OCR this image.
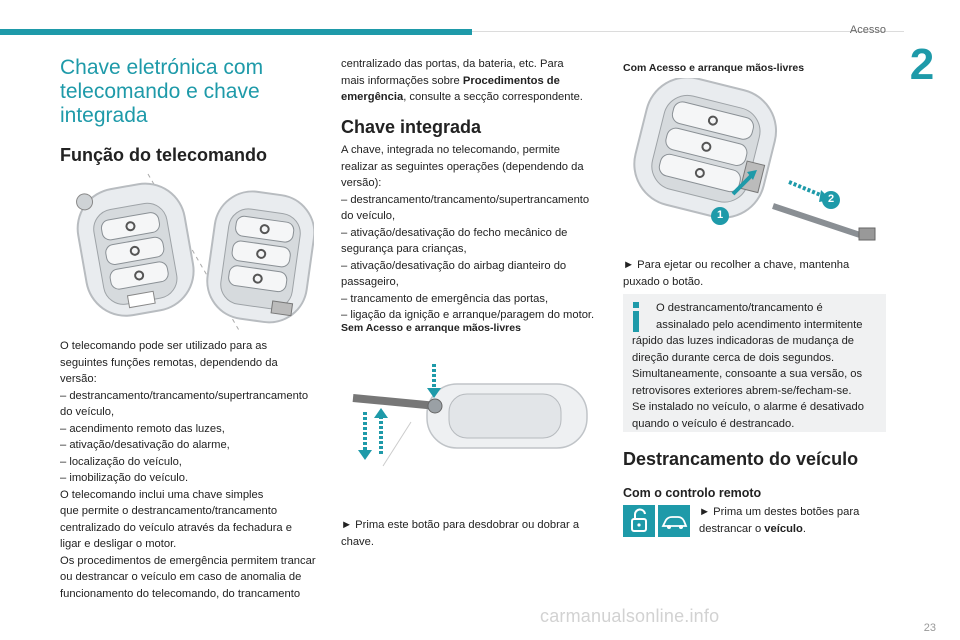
Acesso
2
Chave eletrónica com
telecomando e chave
integrada
Função do telecomando
O telecomando pode ser utilizado para as
seguintes funções remotas, dependendo da
versão:
– destrancamento/trancamento/supertrancamento
do veículo,
– acendimento remoto das luzes,
– ativação/desativação do alarme,
– localização do veículo,
– imobilização do veículo.
O telecomando inclui uma chave simples
que permite o destrancamento/trancamento
centralizado do veículo através da fechadura e
ligar e desligar o motor.
Os procedimentos de emergência permitem trancar
ou destrancar o veículo em caso de anomalia de
funcionamento do telecomando, do trancamento
centralizado das portas, da bateria, etc. Para
mais informações sobre Procedimentos de
emergência, consulte a secção correspondente.
Chave integrada
A chave, integrada no telecomando, permite
realizar as seguintes operações (dependendo da
versão):
– destrancamento/trancamento/supertrancamento
do veículo,
– ativação/desativação do fecho mecânico de
segurança para crianças,
– ativação/desativação do airbag dianteiro do
passageiro,
– trancamento de emergência das portas,
– ligação da ignição e arranque/paragem do motor.
Sem Acesso e arranque mãos-livres
► Prima este botão para desdobrar ou dobrar a
chave.
Com Acesso e arranque mãos-livres
1
2
► Para ejetar ou recolher a chave, mantenha
puxado o botão.
O destrancamento/trancamento é
assinalado pelo acendimento intermitente
rápido das luzes indicadoras de mudança de
direção durante cerca de dois segundos.
Simultaneamente, consoante a sua versão, os
retrovisores exteriores abrem-se/fecham-se.
Se instalado no veículo, o alarme é desativado
quando o veículo é destrancado.
Destrancamento do veículo
Com o controlo remoto
► Prima um destes botões para
destrancar o veículo.
carmanualsonline.info
23
